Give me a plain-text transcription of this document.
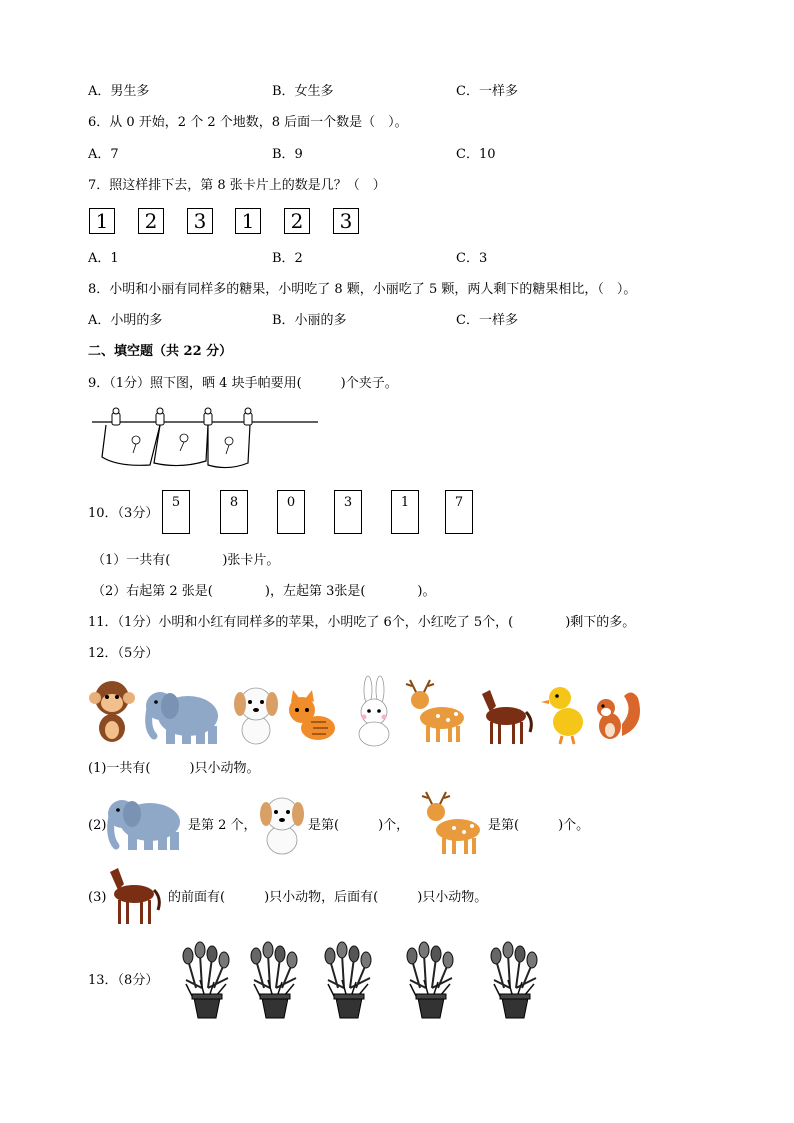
A．男生多	B．女生多	C．一样多
6．从 0 开始，2 个 2 个地数，8 后面一个数是（　）。
A．7	B．9	C．10
7．照这样排下去，第 8 张卡片上的数是几？（　）
1	2	3	1	2	3
A．1	B．2	C．3
8．小明和小丽有同样多的糖果，小明吃了 8 颗，小丽吃了 5 颗，两人剩下的糖果相比，（　）。
A．小明的多	B．小丽的多	C．一样多
二、填空题（共 22 分）
9．（1分）照下图，晒 4 块手帕要用(　　　)个夹子。
10．（3分）
5	8	0	3	1	7
（1）一共有(　　　　)张卡片。
（2）右起第 2 张是(　　　　)，左起第 3张是(　　　　)。
11．（1分）小明和小红有同样多的苹果，小明吃了 6个，小红吃了 5个，(　　　　)剩下的多。
12．（5分）
(1)一共有(　　　)只小动物。
(2)	是第 2 个，	是第(　　　)个，	是第(　　　)个。
(3)	的前面有(　　　)只小动物，后面有(　　　)只小动物。
13．（8分）
